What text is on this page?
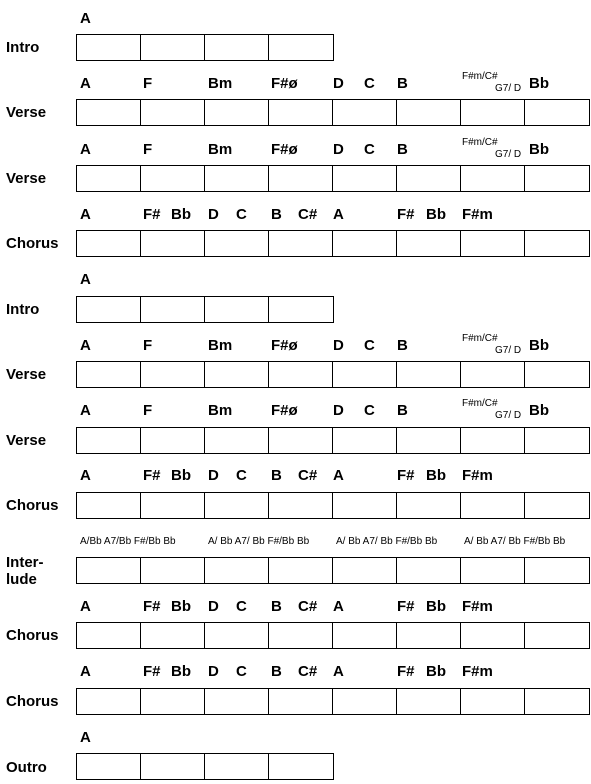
Intro
A
Verse
A	F	Bm	F#ø D C B	F#m/C#
G7/ D Bb
Verse
A	F	Bm	F#ø D C B	F#m/C#
G7/ D Bb
Chorus
A	F# Bb D C B C# A	F# Bb F#m
Intro
A
Verse
A	F	Bm	F#ø D C B	F#m/C#
G7/ D Bb
Verse
A	F	Bm	F#ø D C B	F#m/C#
G7/ D Bb
Chorus
A	F# Bb D C B C# A	F# Bb F#m
Inter-
lude
A/Bb A7/Bb F#/Bb Bb	A/ Bb A7/ Bb F#/Bb Bb	A/ Bb A7/ Bb F#/Bb Bb	A/ Bb A7/ Bb F#/Bb Bb
Chorus
A	F# Bb D C B C# A	F# Bb F#m
Chorus
A	F# Bb D C B C# A	F# Bb F#m
Outro
A
